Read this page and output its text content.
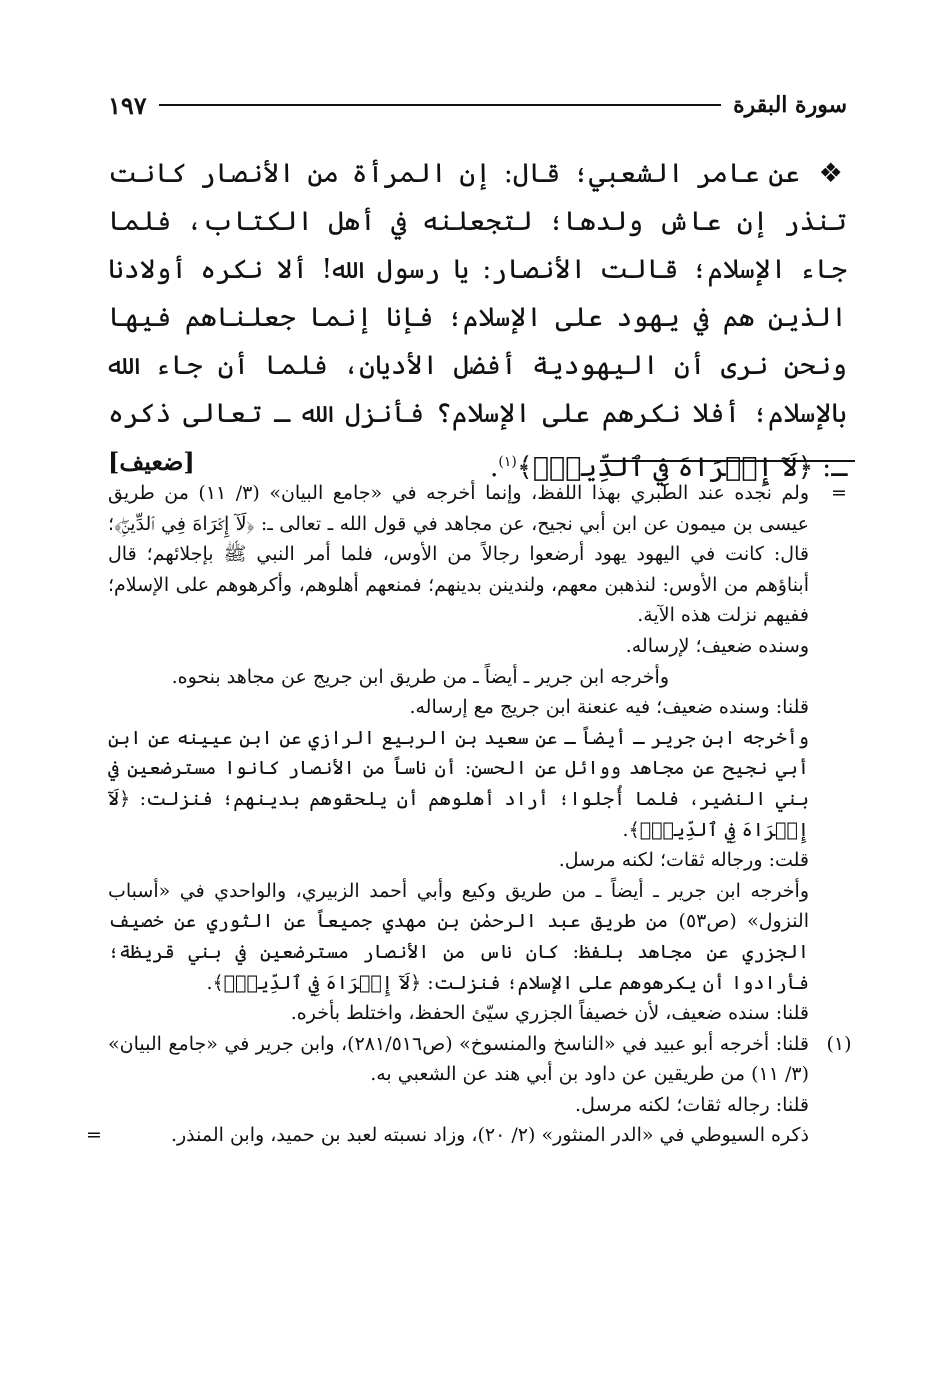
سورة البقرة
١٩٧
❖ عن عامر الشعبي؛ قال: إن المرأة من الأنصار كانت تنذر إن عاش ولدها؛ لتجعلنه في أهل الكتاب، فلما جاء الإسلام؛ قالت الأنصار: يا رسول الله! ألا نكره أولادنا الذين هم في يهود على الإسلام؛ فإنا إنما جعلناهم فيها ونحن نرى أن اليهودية أفضل الأديان، فلما أن جاء الله بالإسلام؛ أفلا نكرهم على الإسلام؟ فأنزل الله ـ تعالى ذكره ـ: ﴿لَآ إِكۡرَاهَ فِي ٱلدِّينِۖ﴾$^{(١)}$.
[ضعيف]
=

ولم نجده عند الطبري بهذا اللفظ، وإنما أخرجه في «جامع البيان» (٣/ ١١) من طريق عيسى بن ميمون عن ابن أبي نجيح، عن مجاهد في قول الله ـ تعالى ـ: ﴿لَآ إِكۡرَاهَ فِي ٱلدِّينِۖ﴾؛ قال: كانت في اليهود يهود أرضعوا رجالاً من الأوس، فلما أمر النبي ﷺ بإجلائهم؛ قال أبناؤهم من الأوس: لنذهبن معهم، ولندينن بدينهم؛ فمنعهم أهلوهم، وأكرهوهم على الإسلام؛ ففيهم نزلت هذه الآية.

وسنده ضعيف؛ لإرساله.

وأخرجه ابن جرير ـ أيضاً ـ من طريق ابن جريج عن مجاهد بنحوه.

قلنا: وسنده ضعيف؛ فيه عنعنة ابن جريج مع إرساله.

وأخرجه ابن جرير ـ أيضاً ـ عن سعيد بن الربيع الرازي عن ابن عيينه عن ابن أبي نجيح عن مجاهد ووائل عن الحسن: أن ناساً من الأنصار كانوا مسترضعين في بني النضير، فلما أُجلوا؛ أراد أهلوهم أن يلحقوهم بدينهم؛ فنزلت: ﴿لَآ إِكۡرَاهَ فِي ٱلدِّينِۖ﴾.

قلت: ورجاله ثقات؛ لكنه مرسل.

وأخرجه ابن جرير ـ أيضاً ـ من طريق وكيع وأبي أحمد الزبيري، والواحدي في «أسباب النزول» (ص٥٣) من طريق عبد الرحمٰن بن مهدي جميعاً عن الثوري عن خصيف الجزري عن مجاهد بلفظ: كان ناس من الأنصار مسترضعين في بني قريظة؛ فأرادوا أن يكرهوهم على الإسلام؛ فنزلت: ﴿لَآ إِكۡرَاهَ فِي ٱلدِّينِۖ﴾.

قلنا: سنده ضعيف، لأن خصيفاً الجزري سيّئ الحفظ، واختلط بأخره.

(١)

قلنا: أخرجه أبو عبيد في «الناسخ والمنسوخ» (ص٢٨١/٥١٦)، وابن جرير في «جامع البيان» (٣/ ١١) من طريقين عن داود بن أبي هند عن الشعبي به.

قلنا: رجاله ثقات؛ لكنه مرسل.

ذكره السيوطي في «الدر المنثور» (٢/ ٢٠)، وزاد نسبته لعبد بن حميد، وابن المنذر.

=
